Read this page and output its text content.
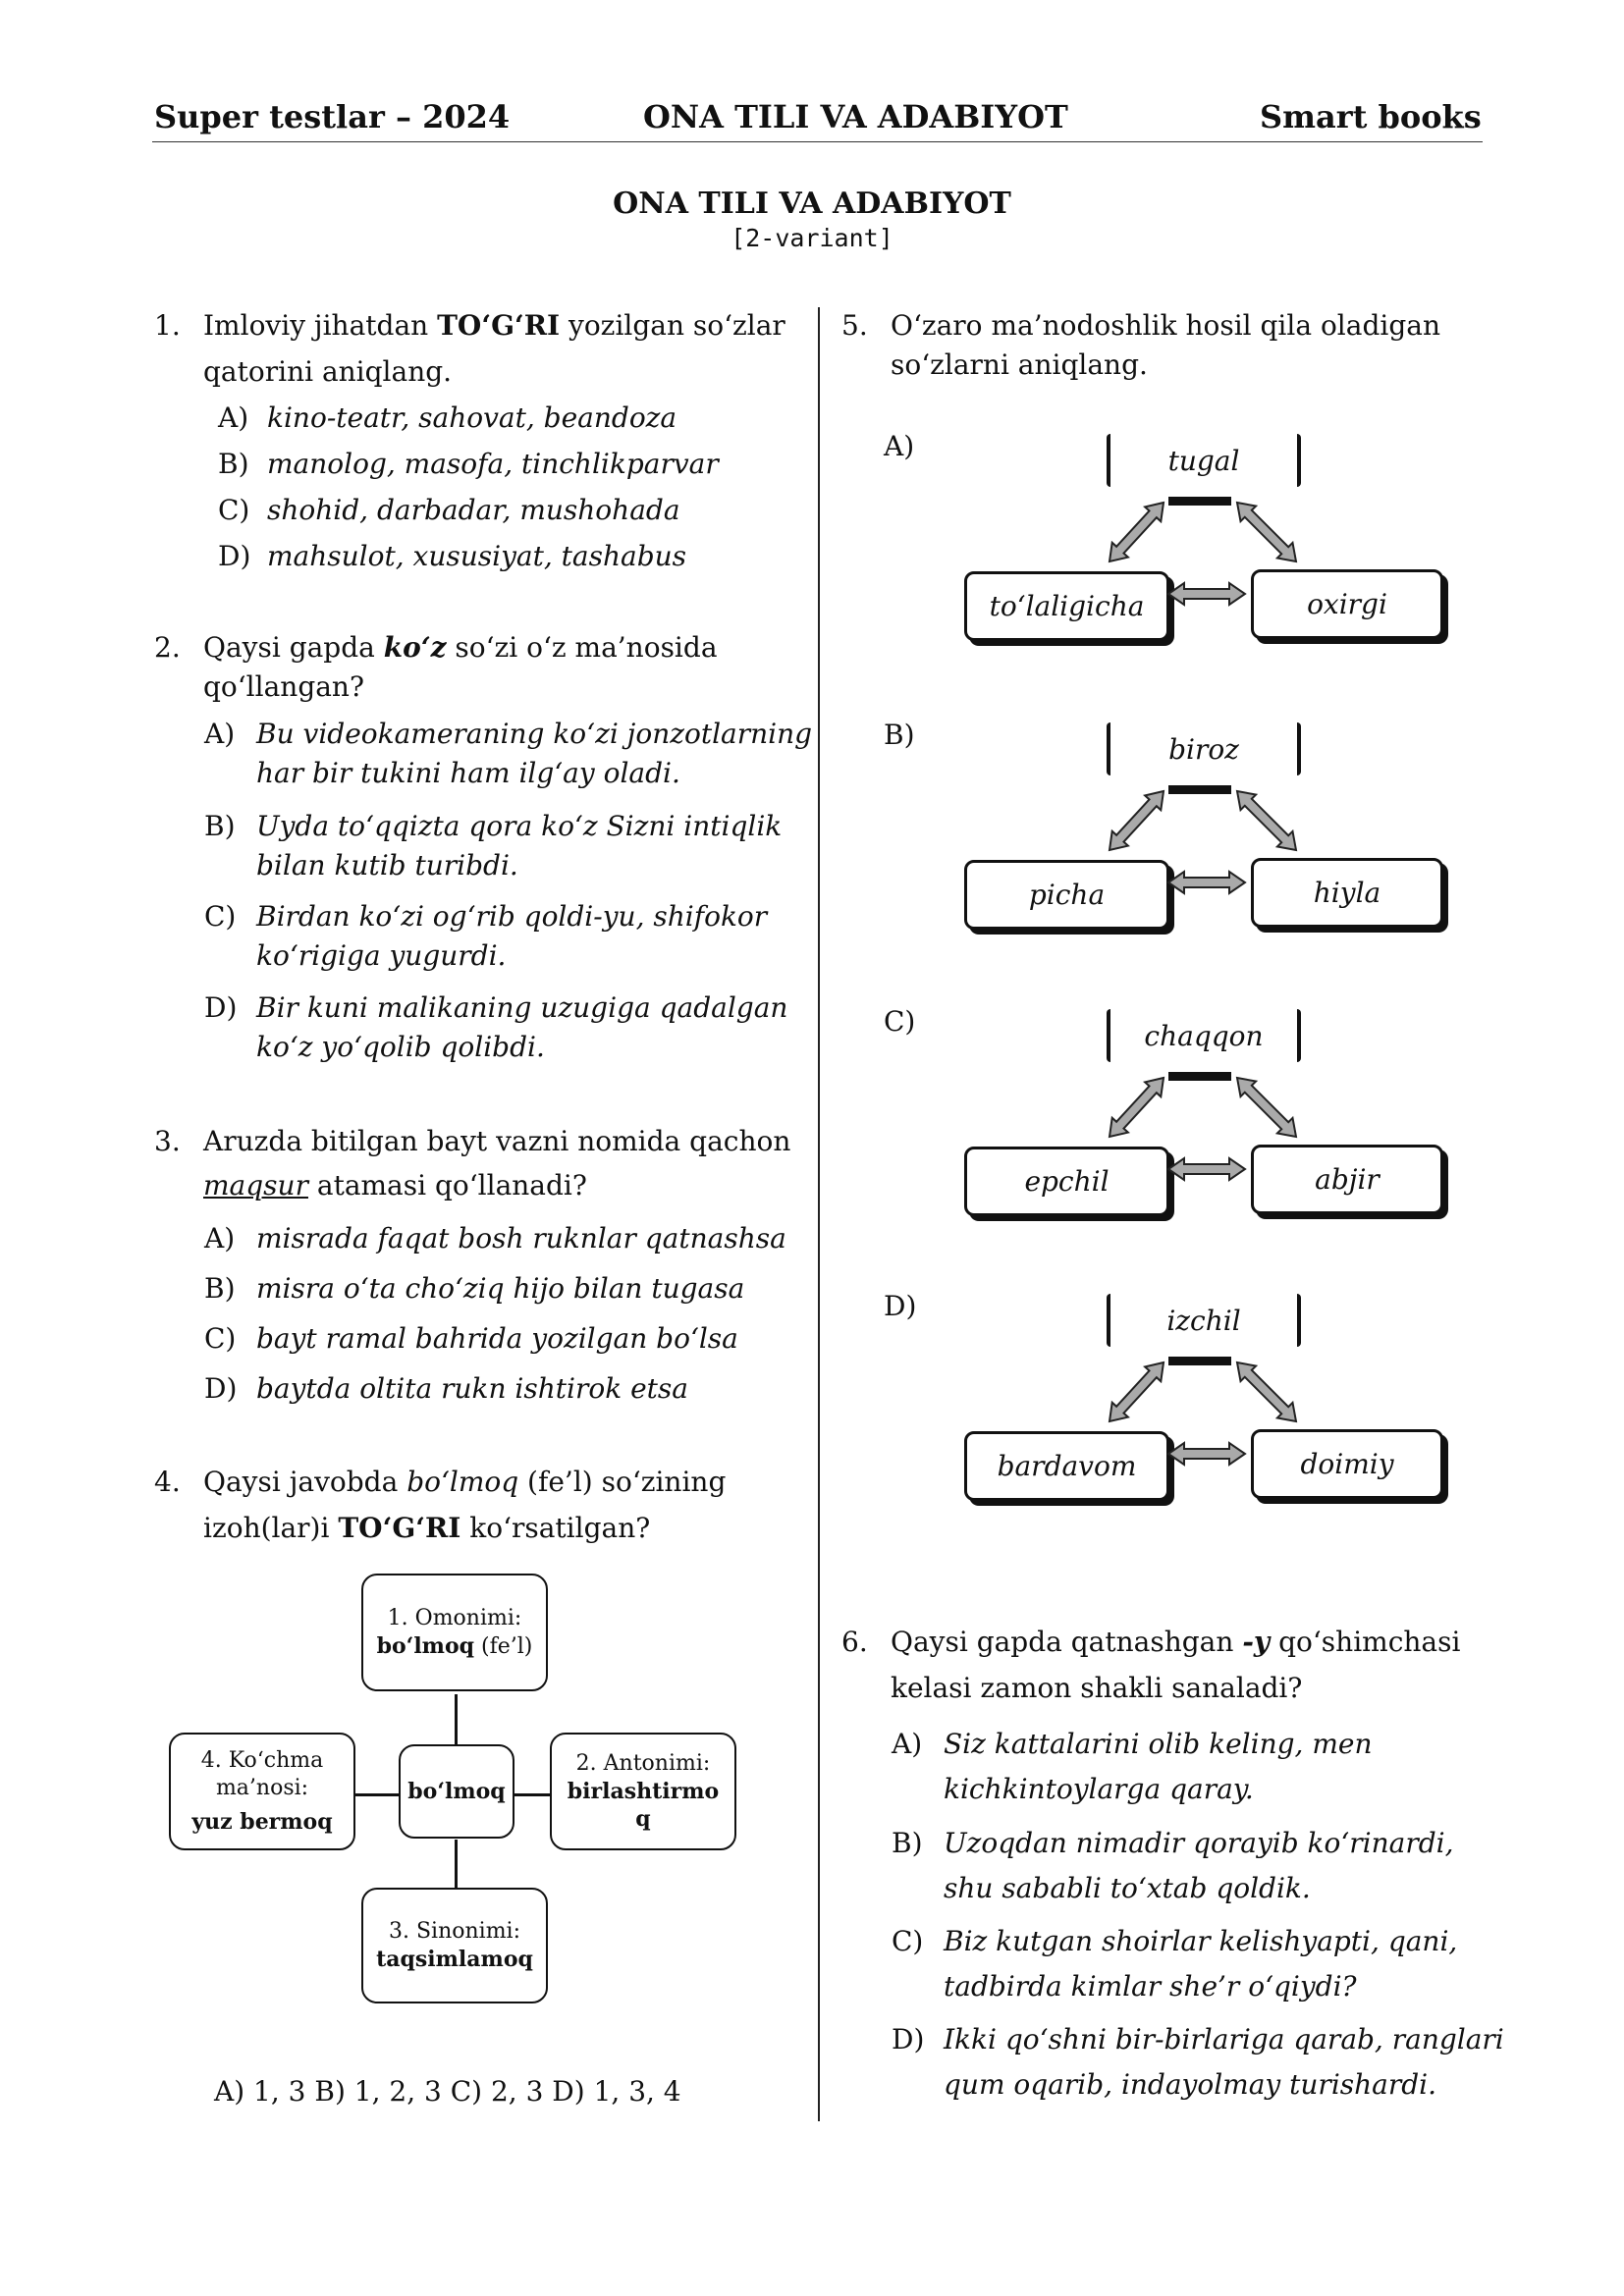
Super testlar – 2024	ONA TILI VA ADABIYOT	Smart books
ONA TILI VA ADABIYOT
[2-variant]
1. Imloviy jihatdan TO‘G‘RI yozilgan so‘zlar
qatorini aniqlang.
A) kino-teatr, sahovat, beandoza
B) manolog, masofa, tinchlikparvar
C) shohid, darbadar, mushohada
D) mahsulot, xususiyat, tashabus
2. Qaysi gapda ko‘z so‘zi o‘z ma’nosida
qo‘llangan?
A) Bu videokameraning ko‘zi jonzotlarning
har bir tukini ham ilg‘ay oladi.
B) Uyda to‘qqizta qora ko‘z Sizni intiqlik
bilan kutib turibdi.
C) Birdan ko‘zi og‘rib qoldi-yu, shifokor
ko‘rigiga yugurdi.
D) Bir kuni malikaning uzugiga qadalgan
ko‘z yo‘qolib qolibdi.
3. Aruzda bitilgan bayt vazni nomida qachon
maqsur atamasi qo‘llanadi?
A) misrada faqat bosh ruknlar qatnashsa
B) misra o‘ta cho‘ziq hijo bilan tugasa
C) bayt ramal bahrida yozilgan bo‘lsa
D) baytda oltita rukn ishtirok etsa
4. Qaysi javobda bo‘lmoq (fe’l) so‘zining
izoh(lar)i TO‘G‘RI ko‘rsatilgan?
1. Omonimi:
bo‘lmoq (fe’l)
bo‘lmoq
2. Antonimi:
birlashtirmo
q
3. Sinonimi:
taqsimlamoq
4. Ko‘chma
ma’nosi:
yuz bermoq
A) 1, 3 B) 1, 2, 3 C) 2, 3 D) 1, 3, 4
5. O‘zaro ma’nodoshlik hosil qila oladigan
so‘zlarni aniqlang.
A)	tugal
to‘laligicha	oxirgi
B)	biroz
picha	hiyla
C)	chaqqon
epchil	abjir
D)	izchil
bardavom	doimiy
6. Qaysi gapda qatnashgan -y qo‘shimchasi
kelasi zamon shakli sanaladi?
A) Siz kattalarini olib keling, men
kichkintoylarga qaray.
B) Uzoqdan nimadir qorayib ko‘rinardi,
shu sababli to‘xtab qoldik.
C) Biz kutgan shoirlar kelishyapti, qani,
tadbirda kimlar she’r o‘qiydi?
D) Ikki qo‘shni bir-birlariga qarab, ranglari
qum oqarib, indayolmay turishardi.
